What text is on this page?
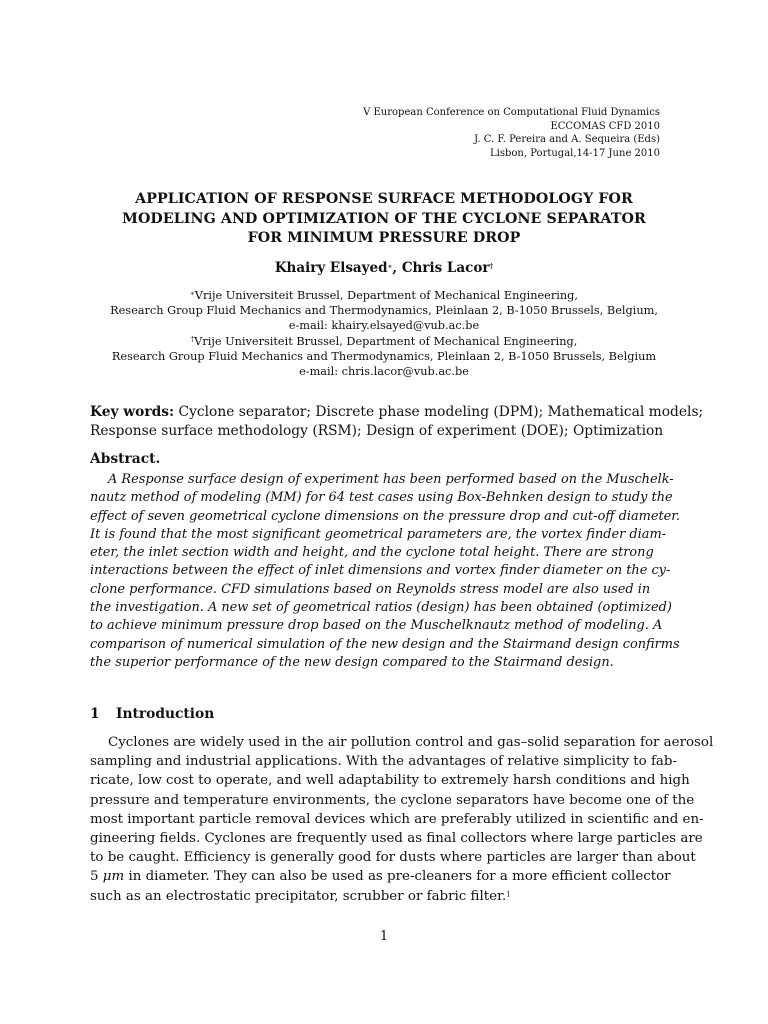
V European Conference on Computational Fluid Dynamics
ECCOMAS CFD 2010
J. C. F. Pereira and A. Sequeira (Eds)
Lisbon, Portugal,14-17 June 2010
APPLICATION OF RESPONSE SURFACE METHODOLOGY FOR
MODELING AND OPTIMIZATION OF THE CYCLONE SEPARATOR
FOR MINIMUM PRESSURE DROP
Khairy Elsayed∗, Chris Lacor†
∗Vrije Universiteit Brussel, Department of Mechanical Engineering,
Research Group Fluid Mechanics and Thermodynamics, Pleinlaan 2, B-1050 Brussels, Belgium,
e-mail: khairy.elsayed@vub.ac.be
†Vrije Universiteit Brussel, Department of Mechanical Engineering,
Research Group Fluid Mechanics and Thermodynamics, Pleinlaan 2, B-1050 Brussels, Belgium
e-mail: chris.lacor@vub.ac.be
Key words: Cyclone separator; Discrete phase modeling (DPM); Mathematical models;
Response surface methodology (RSM); Design of experiment (DOE); Optimization
Abstract.
A Response surface design of experiment has been performed based on the Muschelk-
nautz method of modeling (MM) for 64 test cases using Box-Behnken design to study the
effect of seven geometrical cyclone dimensions on the pressure drop and cut-off diameter.
It is found that the most significant geometrical parameters are, the vortex finder diam-
eter, the inlet section width and height, and the cyclone total height. There are strong
interactions between the effect of inlet dimensions and vortex finder diameter on the cy-
clone performance. CFD simulations based on Reynolds stress model are also used in
the investigation. A new set of geometrical ratios (design) has been obtained (optimized)
to achieve minimum pressure drop based on the Muschelknautz method of modeling. A
comparison of numerical simulation of the new design and the Stairmand design confirms
the superior performance of the new design compared to the Stairmand design.
1 Introduction
Cyclones are widely used in the air pollution control and gas–solid separation for aerosol
sampling and industrial applications. With the advantages of relative simplicity to fab-
ricate, low cost to operate, and well adaptability to extremely harsh conditions and high
pressure and temperature environments, the cyclone separators have become one of the
most important particle removal devices which are preferably utilized in scientific and en-
gineering fields. Cyclones are frequently used as final collectors where large particles are
to be caught. Efficiency is generally good for dusts where particles are larger than about
5 μm in diameter. They can also be used as pre-cleaners for a more efficient collector
such as an electrostatic precipitator, scrubber or fabric filter.$^1$
1
